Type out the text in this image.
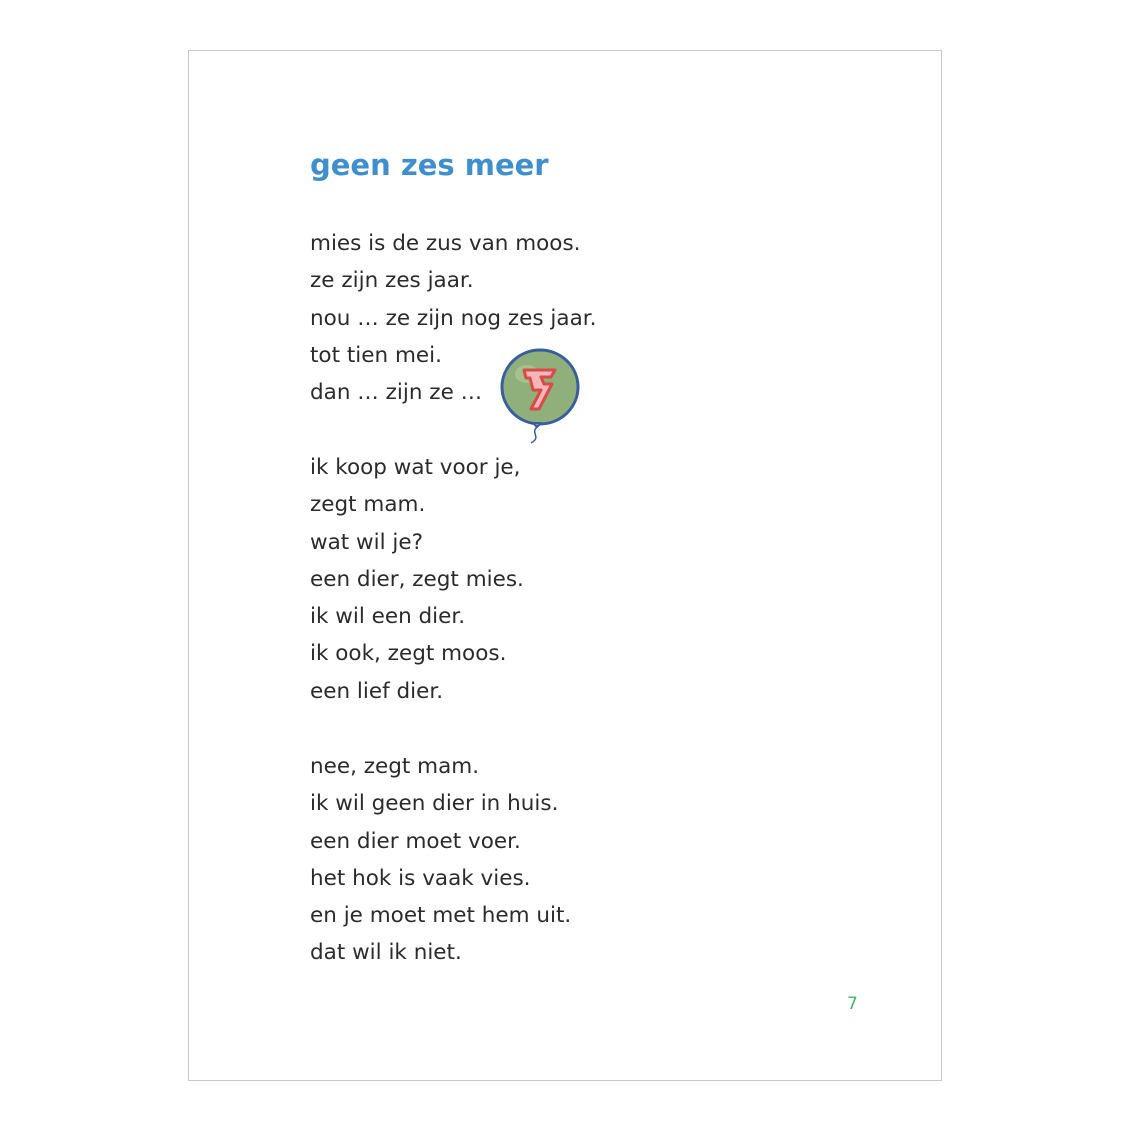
geen zes meer
mies is de zus van moos.
ze zijn zes jaar.
nou … ze zijn nog zes jaar.
tot tien mei.
dan … zijn ze …
ik koop wat voor je,
zegt mam.
wat wil je?
een dier, zegt mies.
ik wil een dier.
ik ook, zegt moos.
een lief dier.
nee, zegt mam.
ik wil geen dier in huis.
een dier moet voer.
het hok is vaak vies.
en je moet met hem uit.
dat wil ik niet.
7
